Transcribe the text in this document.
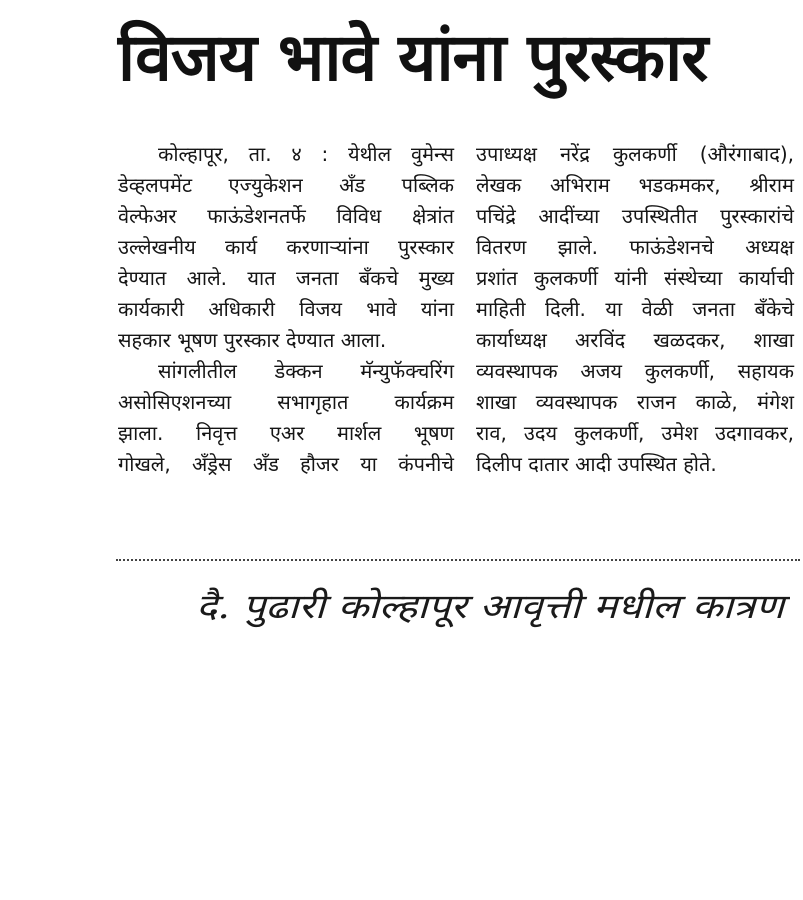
विजय भावे यांना पुरस्कार
कोल्हापूर, ता. ४ : येथील वुमेन्स
डेव्हलपमेंट एज्युकेशन अँड पब्लिक
वेल्फेअर फाऊंडेशनतर्फे विविध क्षेत्रांत
उल्लेखनीय कार्य करणाऱ्यांना पुरस्कार
देण्यात आले. यात जनता बँकचे मुख्य
कार्यकारी अधिकारी विजय भावे यांना
सहकार भूषण पुरस्कार देण्यात आला.
सांगलीतील डेक्कन मॅन्युफॅक्चरिंग
असोसिएशनच्या सभागृहात कार्यक्रम
झाला. निवृत्त एअर मार्शल भूषण
गोखले, अँड्रेस अँड हौजर या कंपनीचे
उपाध्यक्ष नरेंद्र कुलकर्णी (औरंगाबाद),
लेखक अभिराम भडकमकर, श्रीराम
पचिंद्रे आदींच्या उपस्थितीत पुरस्कारांचे
वितरण झाले. फाऊंडेशनचे अध्यक्ष
प्रशांत कुलकर्णी यांनी संस्थेच्या कार्याची
माहिती दिली. या वेळी जनता बँकेचे
कार्याध्यक्ष अरविंद खळदकर, शाखा
व्यवस्थापक अजय कुलकर्णी, सहायक
शाखा व्यवस्थापक राजन काळे, मंगेश
राव, उदय कुलकर्णी, उमेश उदगावकर,
दिलीप दातार आदी उपस्थित होते.
दै. पुढारी कोल्हापूर आवृत्ती मधील कात्रण
